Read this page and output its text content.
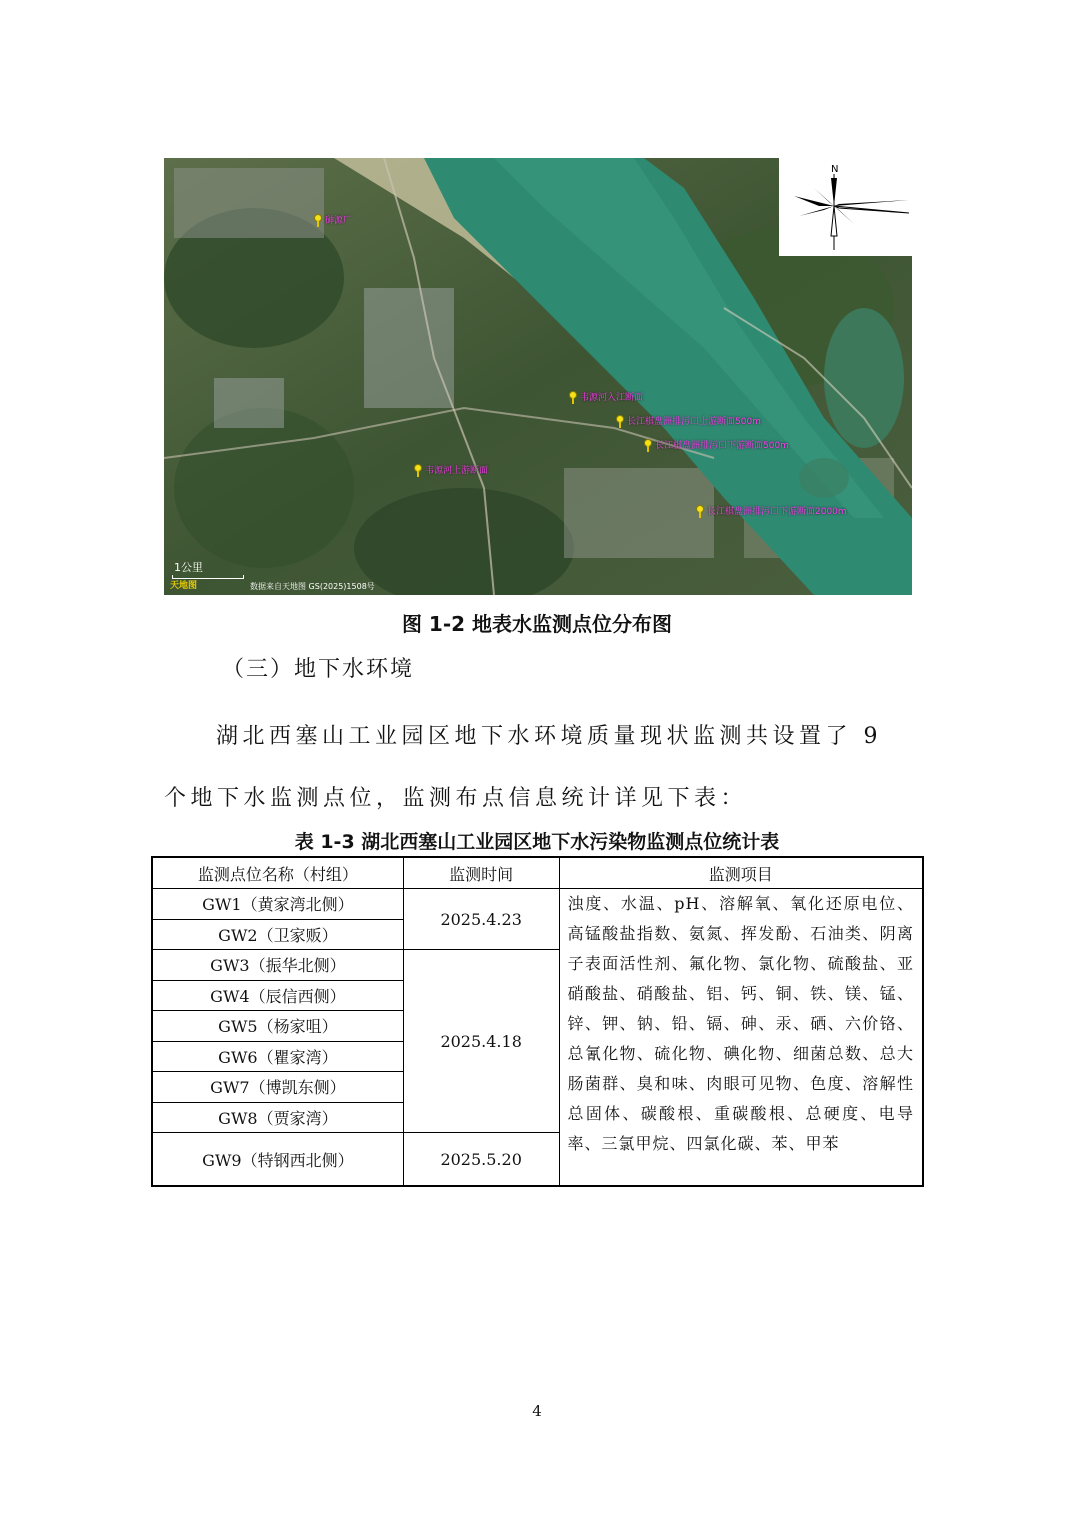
N
砷源厂
韦源河入江断面
长江棋盘洲排污口上游断面500m
长江棋盘洲排污口下游断面500m
韦源河上游断面
长江棋盘洲排污口下游断面2000m
1公里
天地图	数据来自天地图 GS(2025)1508号
图 1-2 地表水监测点位分布图
（三）地下水环境
湖北西塞山工业园区地下水环境质量现状监测共设置了 9 个地下水监测点位，监测布点信息统计详见下表：
表 1-3 湖北西塞山工业园区地下水污染物监测点位统计表
监测点位名称（村组）	监测时间	监测项目
GW1（黄家湾北侧）	2025.4.23	浊度、水温、pH、溶解氧、氧化还原电位、高锰酸盐指数、氨氮、挥发酚、石油类、阴离子表面活性剂、氟化物、氯化物、硫酸盐、亚硝酸盐、硝酸盐、铝、钙、铜、铁、镁、锰、锌、钾、钠、铅、镉、砷、汞、硒、六价铬、总氰化物、硫化物、碘化物、细菌总数、总大肠菌群、臭和味、肉眼可见物、色度、溶解性总固体、碳酸根、重碳酸根、总硬度、电导率、三氯甲烷、四氯化碳、苯、甲苯
GW2（卫家贩）		
GW3（振华北侧）	2025.4.18	
GW4（辰信西侧）		
GW5（杨家咀）		
GW6（瞿家湾）		
GW7（博凯东侧）		
GW8（贾家湾）		
GW9（特钢西北侧）	2025.5.20	
4
